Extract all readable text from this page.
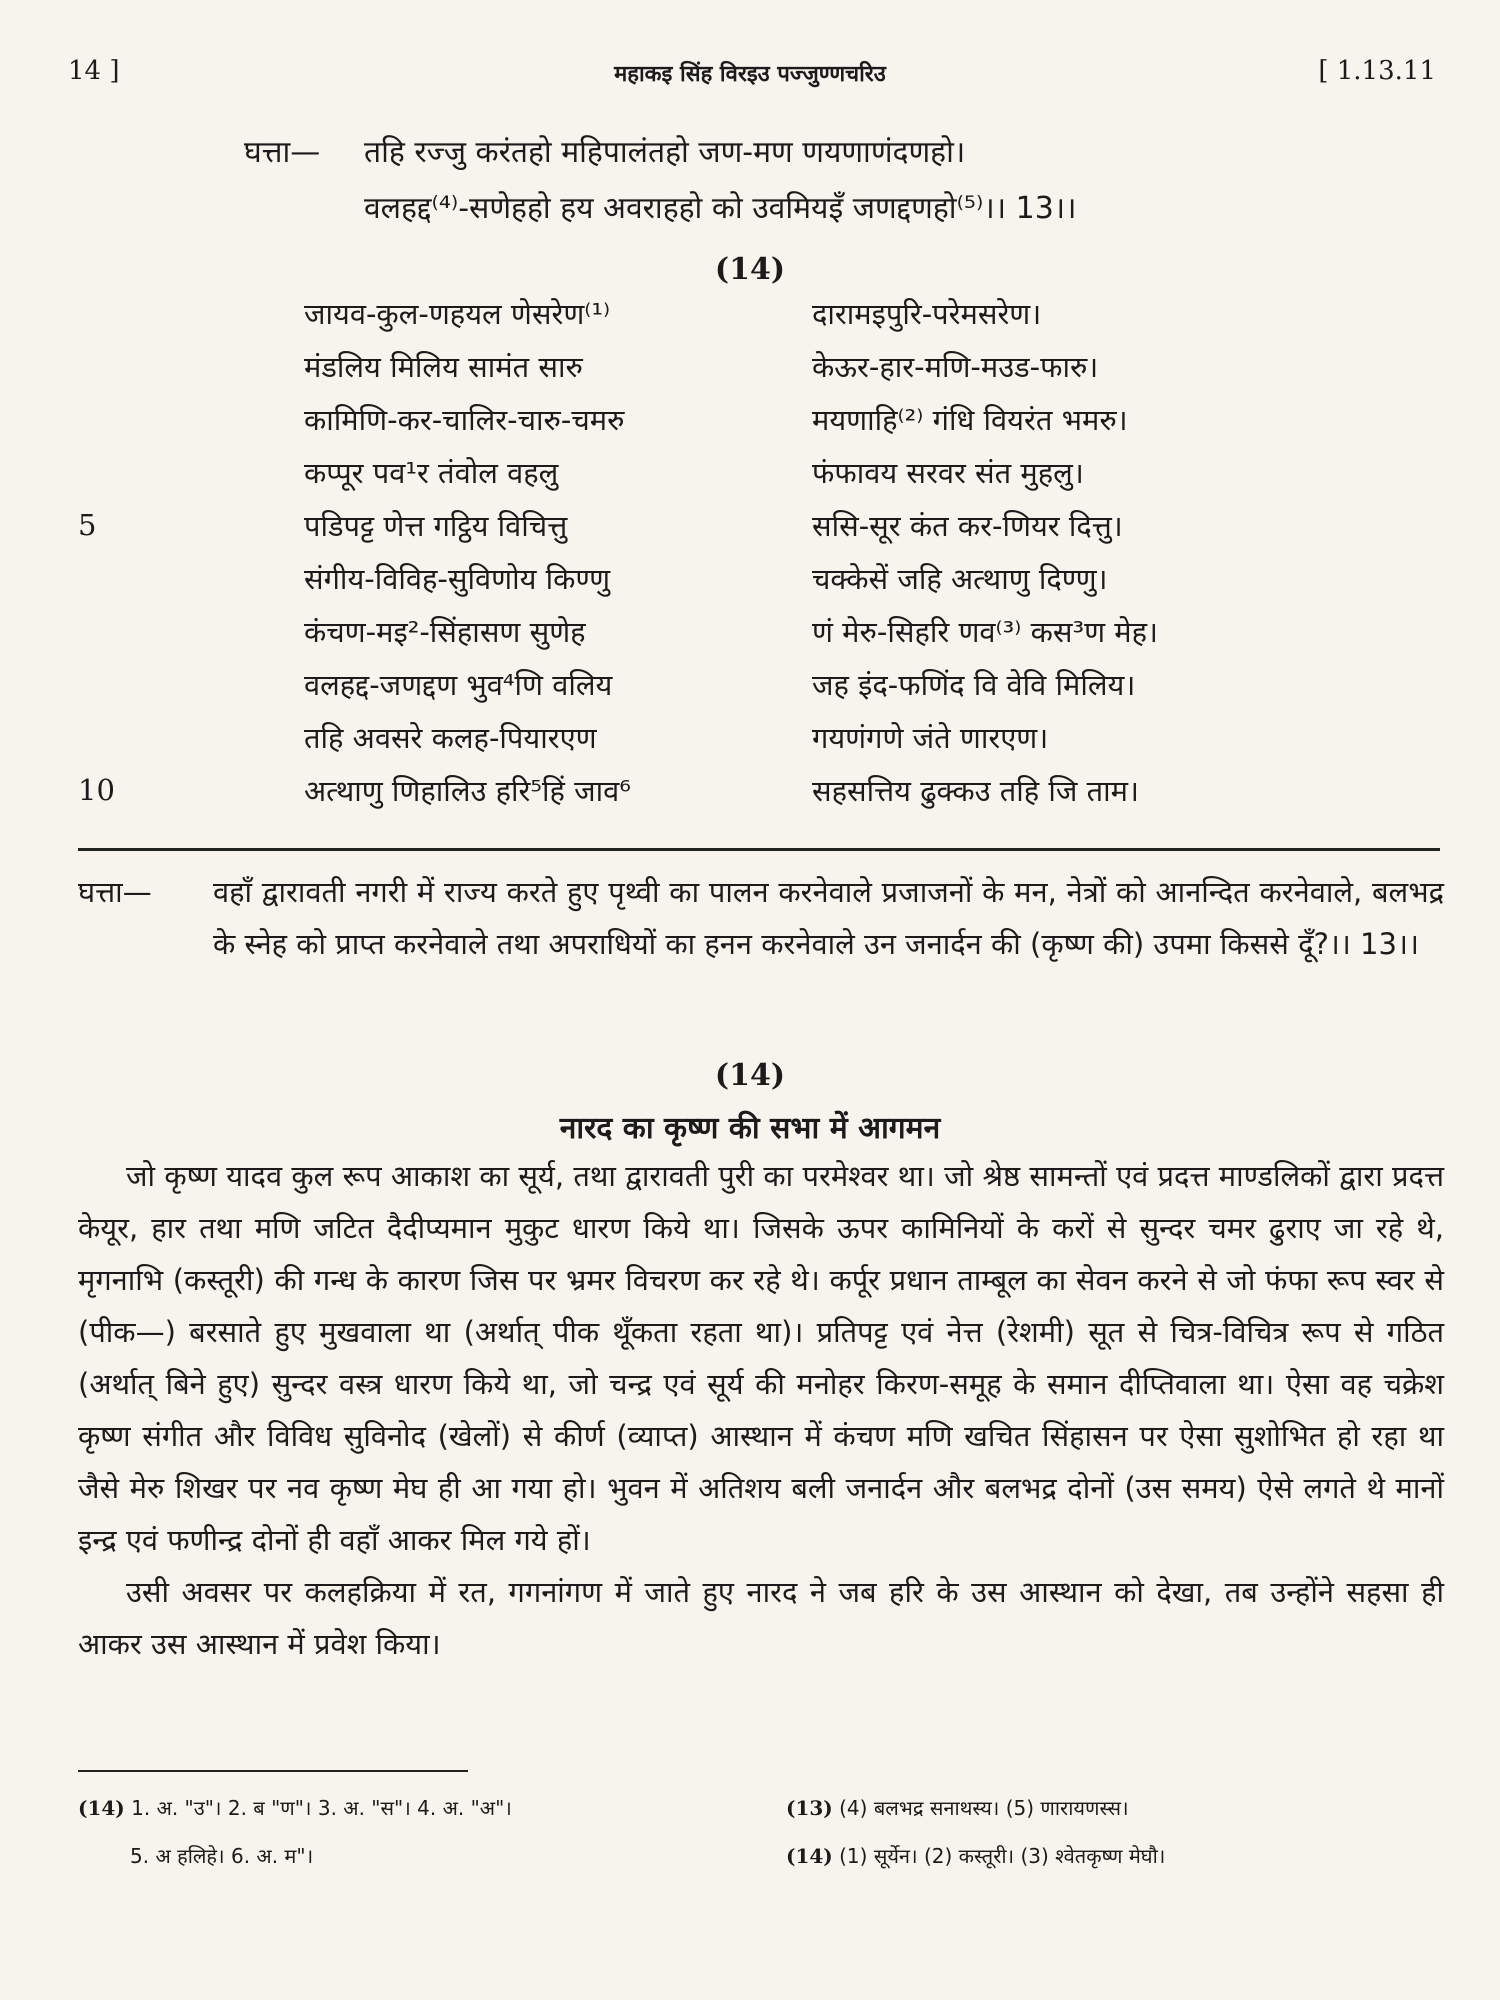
14 ]	महाकइ सिंह विरइउ पज्जुण्णचरिउ	[ 1.13.11
घत्ता— तहि रज्जु करंतहो महिपालंतहो जण-मण णयणाणंदणहो।
वलहद्द⁽⁴⁾-सणेहहो हय अवराहहो को उवमियइँ जणद्दणहो⁽⁵⁾।। 13।।
(14)
जायव-कुल-णहयल णेसरेण⁽¹⁾	दारामइपुरि-परेमसरेण।
मंडलिय मिलिय सामंत सारु	केऊर-हार-मणि-मउड-फारु।
कामिणि-कर-चालिर-चारु-चमरु	मयणाहि⁽²⁾ गंधि वियरंत भमरु।
कप्पूर पव¹र तंवोल वहलु	फंफावय सरवर संत मुहलु।
5	पडिपट्ट णेत्त गट्ठिय विचित्तु	ससि-सूर कंत कर-णियर दित्तु।
संगीय-विविह-सुविणोय किण्णु	चक्केसें जहि अत्थाणु दिण्णु।
कंचण-मइ²-सिंहासण सुणेह	णं मेरु-सिहरि णव⁽³⁾ कस³ण मेह।
वलहद्द-जणद्दण भुव⁴णि वलिय	जह इंद-फणिंद वि वेवि मिलिय।
तहि अवसरे कलह-पियारएण	गयणंगणे जंते णारएण।
10	अत्थाणु णिहालिउ हरि⁵हिं जाव⁶	सहसत्तिय ढुक्कउ तहि जि ताम।
घत्ता— वहाँ द्वारावती नगरी में राज्य करते हुए पृथ्वी का पालन करनेवाले प्रजाजनों के मन, नेत्रों को आनन्दित करनेवाले, बलभद्र के स्नेह को प्राप्त करनेवाले तथा अपराधियों का हनन करनेवाले उन जनार्दन की (कृष्ण की) उपमा किससे दूँ?।। 13।।
(14)
नारद का कृष्ण की सभा में आगमन

जो कृष्ण यादव कुल रूप आकाश का सूर्य, तथा द्वारावती पुरी का परमेश्वर था। जो श्रेष्ठ सामन्तों एवं प्रदत्त माण्डलिकों द्वारा प्रदत्त केयूर, हार तथा मणि जटित दैदीप्यमान मुकुट धारण किये था। जिसके ऊपर कामिनियों के करों से सुन्दर चमर ढुराए जा रहे थे, मृगनाभि (कस्तूरी) की गन्ध के कारण जिस पर भ्रमर विचरण कर रहे थे। कर्पूर प्रधान ताम्बूल का सेवन करने से जो फंफा रूप स्वर से (पीक—) बरसाते हुए मुखवाला था (अर्थात् पीक थूँकता रहता था)। प्रतिपट्ट एवं नेत्त (रेशमी) सूत से चित्र-विचित्र रूप से गठित (अर्थात् बिने हुए) सुन्दर वस्त्र धारण किये था, जो चन्द्र एवं सूर्य की मनोहर किरण-समूह के समान दीप्तिवाला था। ऐसा वह चक्रेश कृष्ण संगीत और विविध सुविनोद (खेलों) से कीर्ण (व्याप्त) आस्थान में कंचण मणि खचित सिंहासन पर ऐसा सुशोभित हो रहा था जैसे मेरु शिखर पर नव कृष्ण मेघ ही आ गया हो। भुवन में अतिशय बली जनार्दन और बलभद्र दोनों (उस समय) ऐसे लगते थे मानों इन्द्र एवं फणीन्द्र दोनों ही वहाँ आकर मिल गये हों।

उसी अवसर पर कलहक्रिया में रत, गगनांगण में जाते हुए नारद ने जब हरि के उस आस्थान को देखा, तब उन्होंने सहसा ही आकर उस आस्थान में प्रवेश किया।

(14) 1. अ. "उ"। 2. ब "ण"। 3. अ. "स"। 4. अ. "अ"।
5. अ हलिहे। 6. अ. म"।
(13) (4) बलभद्र सनाथस्य। (5) णारायणस्स।
(14) (1) सूर्येन। (2) कस्तूरी। (3) श्वेतकृष्ण मेघौ।
